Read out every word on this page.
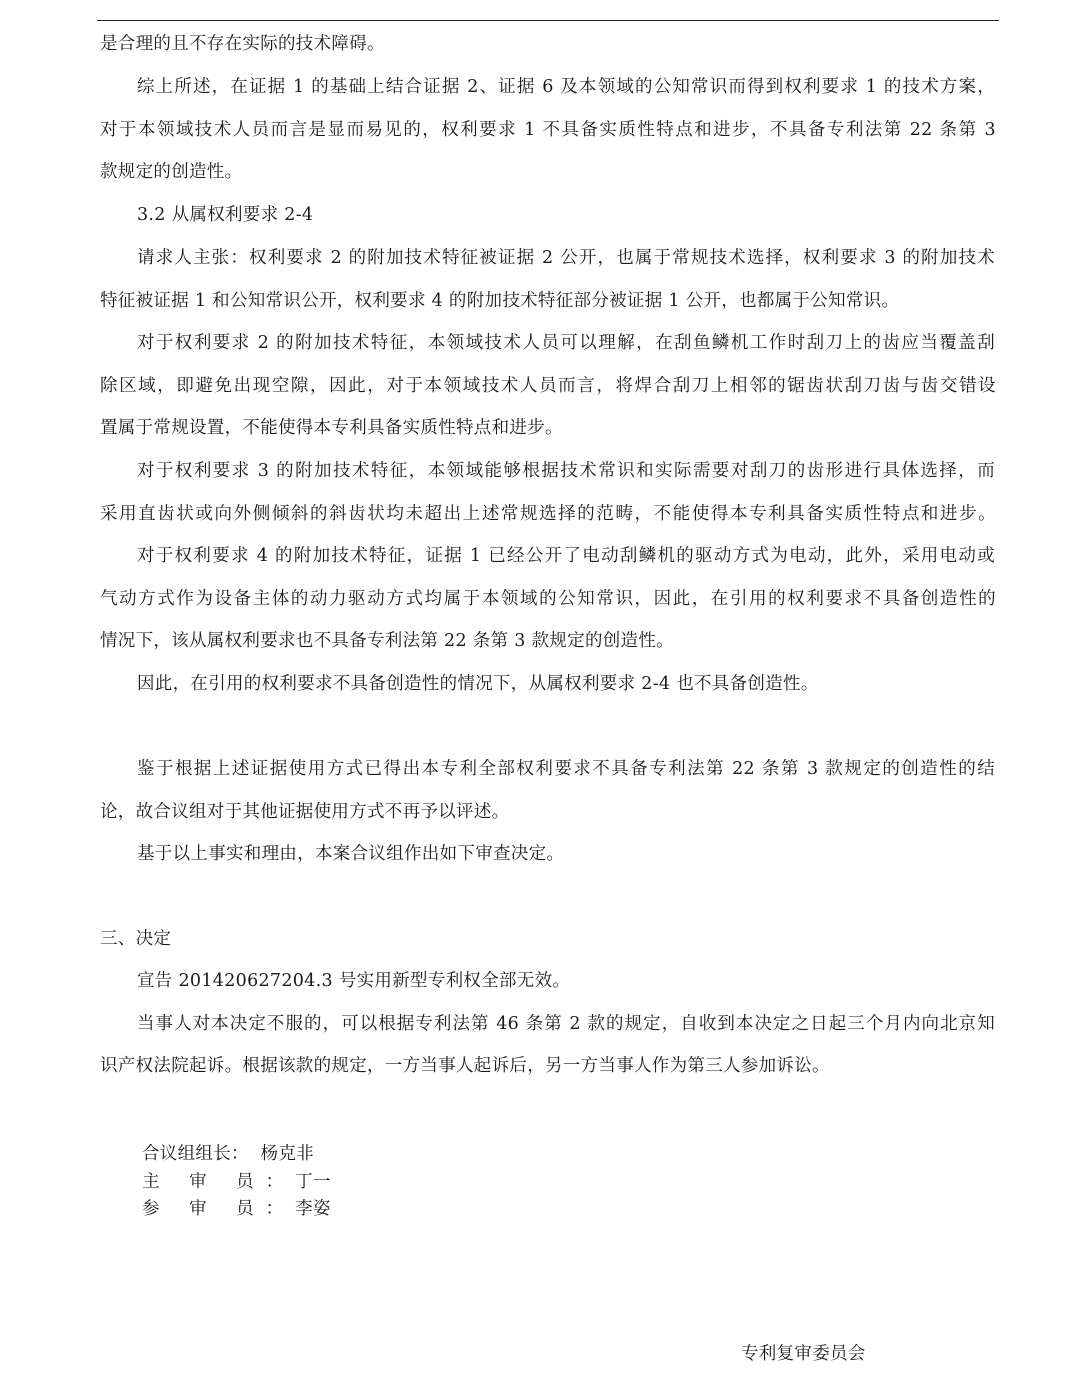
是合理的且不存在实际的技术障碍。

综上所述，在证据 1 的基础上结合证据 2、证据 6 及本领域的公知常识而得到权利要求 1 的技术方案，

对于本领域技术人员而言是显而易见的，权利要求 1 不具备实质性特点和进步，不具备专利法第 22 条第 3

款规定的创造性。

3.2 从属权利要求 2-4

请求人主张：权利要求 2 的附加技术特征被证据 2 公开，也属于常规技术选择，权利要求 3 的附加技术

特征被证据 1 和公知常识公开，权利要求 4 的附加技术特征部分被证据 1 公开，也都属于公知常识。

对于权利要求 2 的附加技术特征，本领域技术人员可以理解，在刮鱼鳞机工作时刮刀上的齿应当覆盖刮

除区域，即避免出现空隙，因此，对于本领域技术人员而言，将焊合刮刀上相邻的锯齿状刮刀齿与齿交错设

置属于常规设置，不能使得本专利具备实质性特点和进步。

对于权利要求 3 的附加技术特征，本领域能够根据技术常识和实际需要对刮刀的齿形进行具体选择，而

采用直齿状或向外侧倾斜的斜齿状均未超出上述常规选择的范畴，不能使得本专利具备实质性特点和进步。

对于权利要求 4 的附加技术特征，证据 1 已经公开了电动刮鳞机的驱动方式为电动，此外，采用电动或

气动方式作为设备主体的动力驱动方式均属于本领域的公知常识，因此，在引用的权利要求不具备创造性的

情况下，该从属权利要求也不具备专利法第 22 条第 3 款规定的创造性。

因此，在引用的权利要求不具备创造性的情况下，从属权利要求 2-4 也不具备创造性。

鉴于根据上述证据使用方式已得出本专利全部权利要求不具备专利法第 22 条第 3 款规定的创造性的结

论，故合议组对于其他证据使用方式不再予以评述。

基于以上事实和理由，本案合议组作出如下审查决定。

三、决定

宣告 201420627204.3 号实用新型专利权全部无效。

当事人对本决定不服的，可以根据专利法第 46 条第 2 款的规定，自收到本决定之日起三个月内向北京知

识产权法院起诉。根据该款的规定，一方当事人起诉后，另一方当事人作为第三人参加诉讼。

合议组组长： 杨克非

主 审 员：丁一

参 审 员：李姿

专利复审委员会
